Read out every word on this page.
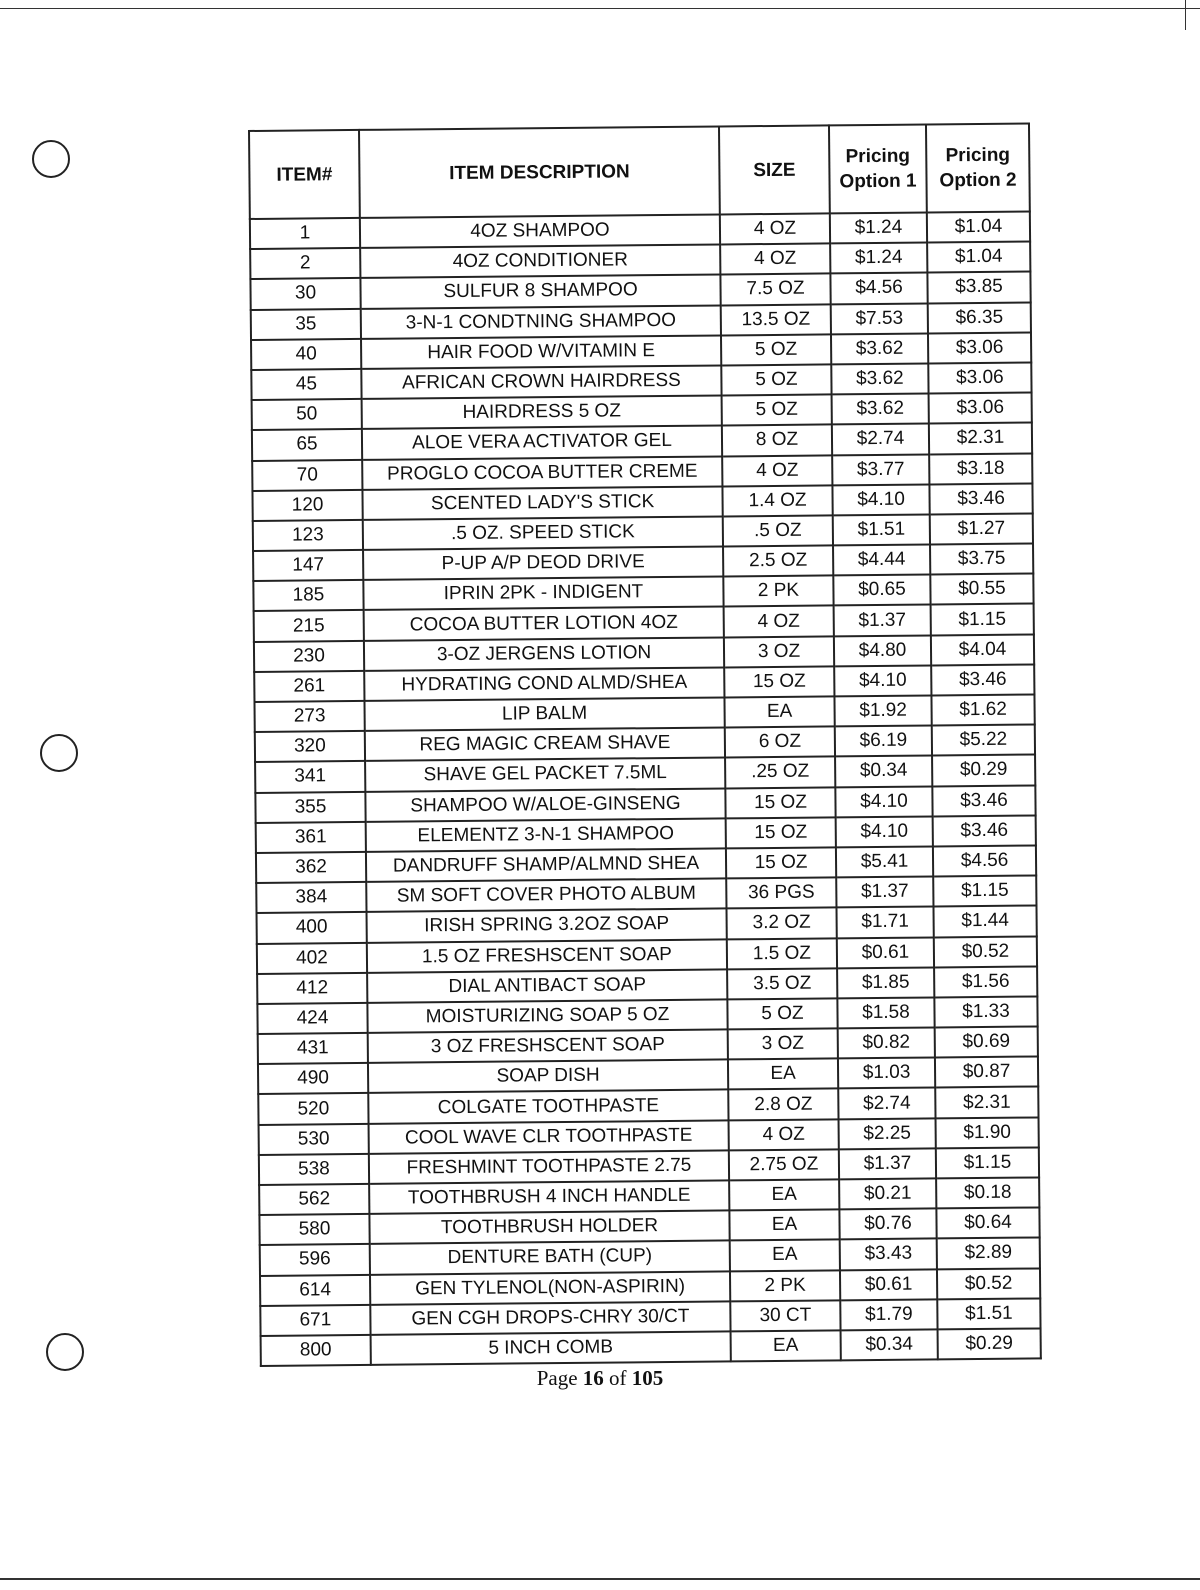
ITEM#	ITEM DESCRIPTION	SIZE	Pricing Option 1	Pricing Option 2
1	4OZ SHAMPOO	4 OZ	$1.24	$1.04
2	4OZ CONDITIONER	4 OZ	$1.24	$1.04
30	SULFUR 8 SHAMPOO	7.5 OZ	$4.56	$3.85
35	3-N-1 CONDTNING SHAMPOO	13.5 OZ	$7.53	$6.35
40	HAIR FOOD W/VITAMIN E	5 OZ	$3.62	$3.06
45	AFRICAN CROWN HAIRDRESS	5 OZ	$3.62	$3.06
50	HAIRDRESS 5 OZ	5 OZ	$3.62	$3.06
65	ALOE VERA ACTIVATOR GEL	8 OZ	$2.74	$2.31
70	PROGLO COCOA BUTTER CREME	4 OZ	$3.77	$3.18
120	SCENTED LADY'S STICK	1.4 OZ	$4.10	$3.46
123	.5 OZ. SPEED STICK	.5 OZ	$1.51	$1.27
147	P-UP A/P DEOD DRIVE	2.5 OZ	$4.44	$3.75
185	IPRIN 2PK - INDIGENT	2 PK	$0.65	$0.55
215	COCOA BUTTER LOTION 4OZ	4 OZ	$1.37	$1.15
230	3-OZ JERGENS LOTION	3 OZ	$4.80	$4.04
261	HYDRATING COND ALMD/SHEA	15 OZ	$4.10	$3.46
273	LIP BALM	EA	$1.92	$1.62
320	REG MAGIC CREAM SHAVE	6 OZ	$6.19	$5.22
341	SHAVE GEL PACKET 7.5ML	.25 OZ	$0.34	$0.29
355	SHAMPOO W/ALOE-GINSENG	15 OZ	$4.10	$3.46
361	ELEMENTZ 3-N-1 SHAMPOO	15 OZ	$4.10	$3.46
362	DANDRUFF SHAMP/ALMND SHEA	15 OZ	$5.41	$4.56
384	SM SOFT COVER PHOTO ALBUM	36 PGS	$1.37	$1.15
400	IRISH SPRING 3.2OZ SOAP	3.2 OZ	$1.71	$1.44
402	1.5 OZ FRESHSCENT SOAP	1.5 OZ	$0.61	$0.52
412	DIAL ANTIBACT SOAP	3.5 OZ	$1.85	$1.56
424	MOISTURIZING SOAP 5 OZ	5 OZ	$1.58	$1.33
431	3 OZ FRESHSCENT SOAP	3 OZ	$0.82	$0.69
490	SOAP DISH	EA	$1.03	$0.87
520	COLGATE TOOTHPASTE	2.8 OZ	$2.74	$2.31
530	COOL WAVE CLR TOOTHPASTE	4 OZ	$2.25	$1.90
538	FRESHMINT TOOTHPASTE 2.75	2.75 OZ	$1.37	$1.15
562	TOOTHBRUSH 4 INCH HANDLE	EA	$0.21	$0.18
580	TOOTHBRUSH HOLDER	EA	$0.76	$0.64
596	DENTURE BATH (CUP)	EA	$3.43	$2.89
614	GEN TYLENOL(NON-ASPIRIN)	2 PK	$0.61	$0.52
671	GEN CGH DROPS-CHRY 30/CT	30 CT	$1.79	$1.51
800	5 INCH COMB	EA	$0.34	$0.29
Page 16 of 105
